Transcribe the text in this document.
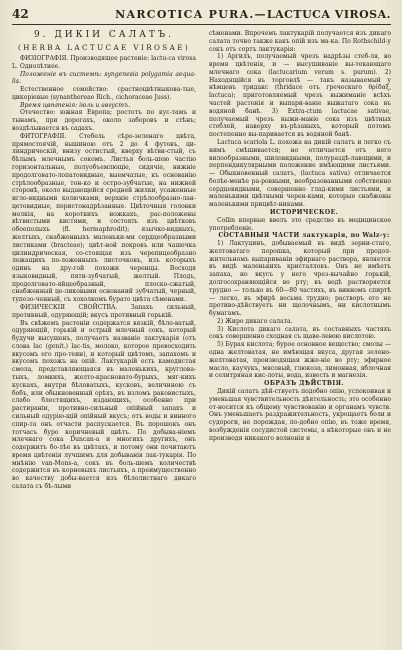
42	NARCOTICA PURA.—LACTUCA VIROSA.
9. ДИКІЙ САЛАТЪ.
(HERBA LACTUCAE VIROSAE)

ФИЗІОГРАФІЯ. Производящее растеніе: lactu-ca virosa L. Одиолѣтнее.

Положеніе въ системѣ: syngenesia polygamia aequa-lis.

Естественное семейство: срастноцвѣтныкова-тые, цикоріевые (synanthereae Rich., cichoraceae Juss).

Время цвѣтенія: іюль и августъ.

Отечество: южная Европа; ростетъ по кус-тамъ и тынамъ, при дорогахъ, около заборовъ и стѣнъ; воздѣлывается въ садахъ.

ФИТОГРАФІЯ. Стебель сѣро-зеленаго цвѣта, прямостоячій, вышиною отъ 2 до 4 футовъ, ци-линдрическій, внизу остистый, кверху вѣтви-стый, съ бѣлымъ млечнымъ сокомъ. Листья боль-шею частію горизонтальные, полуобъемлющіе, сидячіе, нижніе продолговато-лопатовидные, выемчатые, къ основанію стрѣлообразные, тон-ко и остро-зубчатые, на нижней сторонѣ, около выдающейся средней жилки, усаженные игло-видными колючками, верхніе стрѣлообразно-лан-цетовидные, перистонадрѣзанные. Цвѣточныя головки мелкія, на короткихъ ножкахъ, рас-положены вѣтвистыми кистями, и состоять изъ цвѣтковъ обоеполыхъ (fl. hermaphrodit); язычко-видныхъ, желтыхъ, снабженныхъ маленьки-ми сердцеобразными листиками (bracteae); цвѣт-ной покровъ или чашечка цилиндрическая, со-стоящая изъ черепицеобразно лежащихъ по-ложенныхъ листочковъ, изъ которыхъ одинъ на дру-гой похожи черенцы. Восходя языковидный, пяти-зубчатый, желтый. Плодъ, продолговато-яйцеобразный, плоско-сжатый, снабженный це-ликовыми оснований зубчатый, черный, тупозо-ченный, съ хохолкомъ бурато цвѣта сѣменами.

ФИЗИЧЕСКІЯ СВОЙСТВА. Запахъ сильный, противный, одуряющій; вкусъ противный горькій.

Въ свѣжемъ растеніи содержатся вязкій, бѣло-ватый, одуряющій, горькій и острый млечный сокъ, который будучи высушенъ, получаетъ названіе лактукарія (отъ слова lac (genit.) lac-tis, молоко, которое превосходить вкусомъ его про-теин), и который цвѣтомъ, запахомъ и вкусомъ похожъ на опій. Лактукарій есть камедистая смола, представляющаяся въ маленькихъ, круглова-тыхъ, ломкихъ, желто-красновато-бурыхъ, мяг-кихъ кускахъ, внутри бѣловатыхъ, кусковъ, величиною съ бобъ, или обыкновенный орѣхъ, въ изломъ раковистыхъ, слабо блестящихъ, издающихъ, особенно при растираніи, противно-сильный опійный запахъ и сильный одурію-щій опійный вкусъ; отъ воды и винного спир-та онъ отчасти распускается. Въ порошокъ онъ тотчасъ буро коричневый цвѣтъ. По добыва-ніемъ млечнаго сока Duncan-а и многихъ другихъ, онъ содержитъ бо-лѣе въ цвѣтахъ, и потому они почитаютъ время цвѣтенія лучшимъ для добыванія лак-тукарія. По мнѣнію van-Mons-а, сокъ въ боль-шемъ количествѣ содержится въ корневыхъ листьяхъ, а преимущественно во качеству добы-вается изъ бѣлолистнаго дикаго салата съ бѣ-лыми

сѣменами. Впрочемъ лактукарій получается изъ дикаго салата точно также какъ опій изъ ма-ка. По Rothschild-у сокъ отъ сортъ лактукарія:

1) Аргилъ, получаемый чрезъ надрѣзы стеб-ля, во время цвѣтенія, и — высушиваніе вы-текающаго млечнаго сока (lactucarium verum s. purum). 2) Находящійся въ торговлѣ — такъ называемый у нѣмцевъ тридакс (thridace отъ греческаго θρίδαξ, lactuca); приготовляемый чрезъ выжиманіе всѣхъ частей растенія и выпари-ваніе выжатаго сока въ водяной банѣ. 3) Extra-ctum lactucae sativae, получаемый чрезъ выжи-маніе сока изъ цвѣтных стеблей, наверху въ-рѣзаныхъ, который потомъ постепенно вы-паривается въ водяной банѣ.

Lactuca scariola L. похожа на дикій салатъ и легко съ нимъ смѣшивается; но отличается отъ него вилообразными, шиловидными, полураздѣ-лающими, и перпендикулярными положение имѣющими листьями.— Обыкновенный салатъ, (lactuca sativa) отличается болѣе-менѣе ра-ровными, необразованными собственно сердцевидными, совершенно глад-кими листьями, и маленькими цвѣтными черен-ками, которые снабжены маленькими прицвѣт-никами.

ИСТОРИЧЕСКОЕ.

Collin впервые ввелъ это средство въ медицинское употребленіе.

СОСТАВНЫЯ ЧАСТИ лактукарія, по Walz-у:

1) Лактуцинъ, добываемый въ видѣ зерни-стаго, желтоватаго порошка, который при продол-жительномъ выпариваніи эфирнаго раствора, является въ видѣ маленькихъ кристалловъ. Онъ не имѣетъ запаха, но вкусъ у него чрез-вычайно горькій, долгосохраняющійся во рту; въ водѣ растворяется трудно — только въ 60—80 частяхъ, въ винномъ спиртѣ — легко, въ эфирѣ весьма трудно; растворъ его не противо-дѣйствуетъ ни щелочнымъ, ни кислотнымъ бумагамъ.

2) Жиро дикаго салата.

3) Кислота дикаго салата, въ составныхъ частяхъ сокъ совершенно сходная съ щаве-левою кислотою.

5) Бурая кислота; бурое основное вещество; смолы — одна желтоватая, не имѣющая вкуса, другая зелено-желтоватая, производящая жже-ніе во рту; эфирное масло, каучукъ, мясовый, глюкоза, лимонная, яблочная и селитряная кис-лоты, вода, известь и магнезія.

ОБРАЗЪ ДѢЙСТВІЯ.

Дикій салатъ дѣй-ствуетъ подобно опію, успокоивая и уменьшая чувствительность дѣятельность; это особенно от-носится къ общему чувствованію и органамъ чувств. Онъ уменьшаетъ раздражительность, укрощаетъ боли и судороги, не порождая, по-добно опію, въ тоже время, возбужденія сосудистой системы, а нѣкоторые онъ и не производя никакого волненія и
